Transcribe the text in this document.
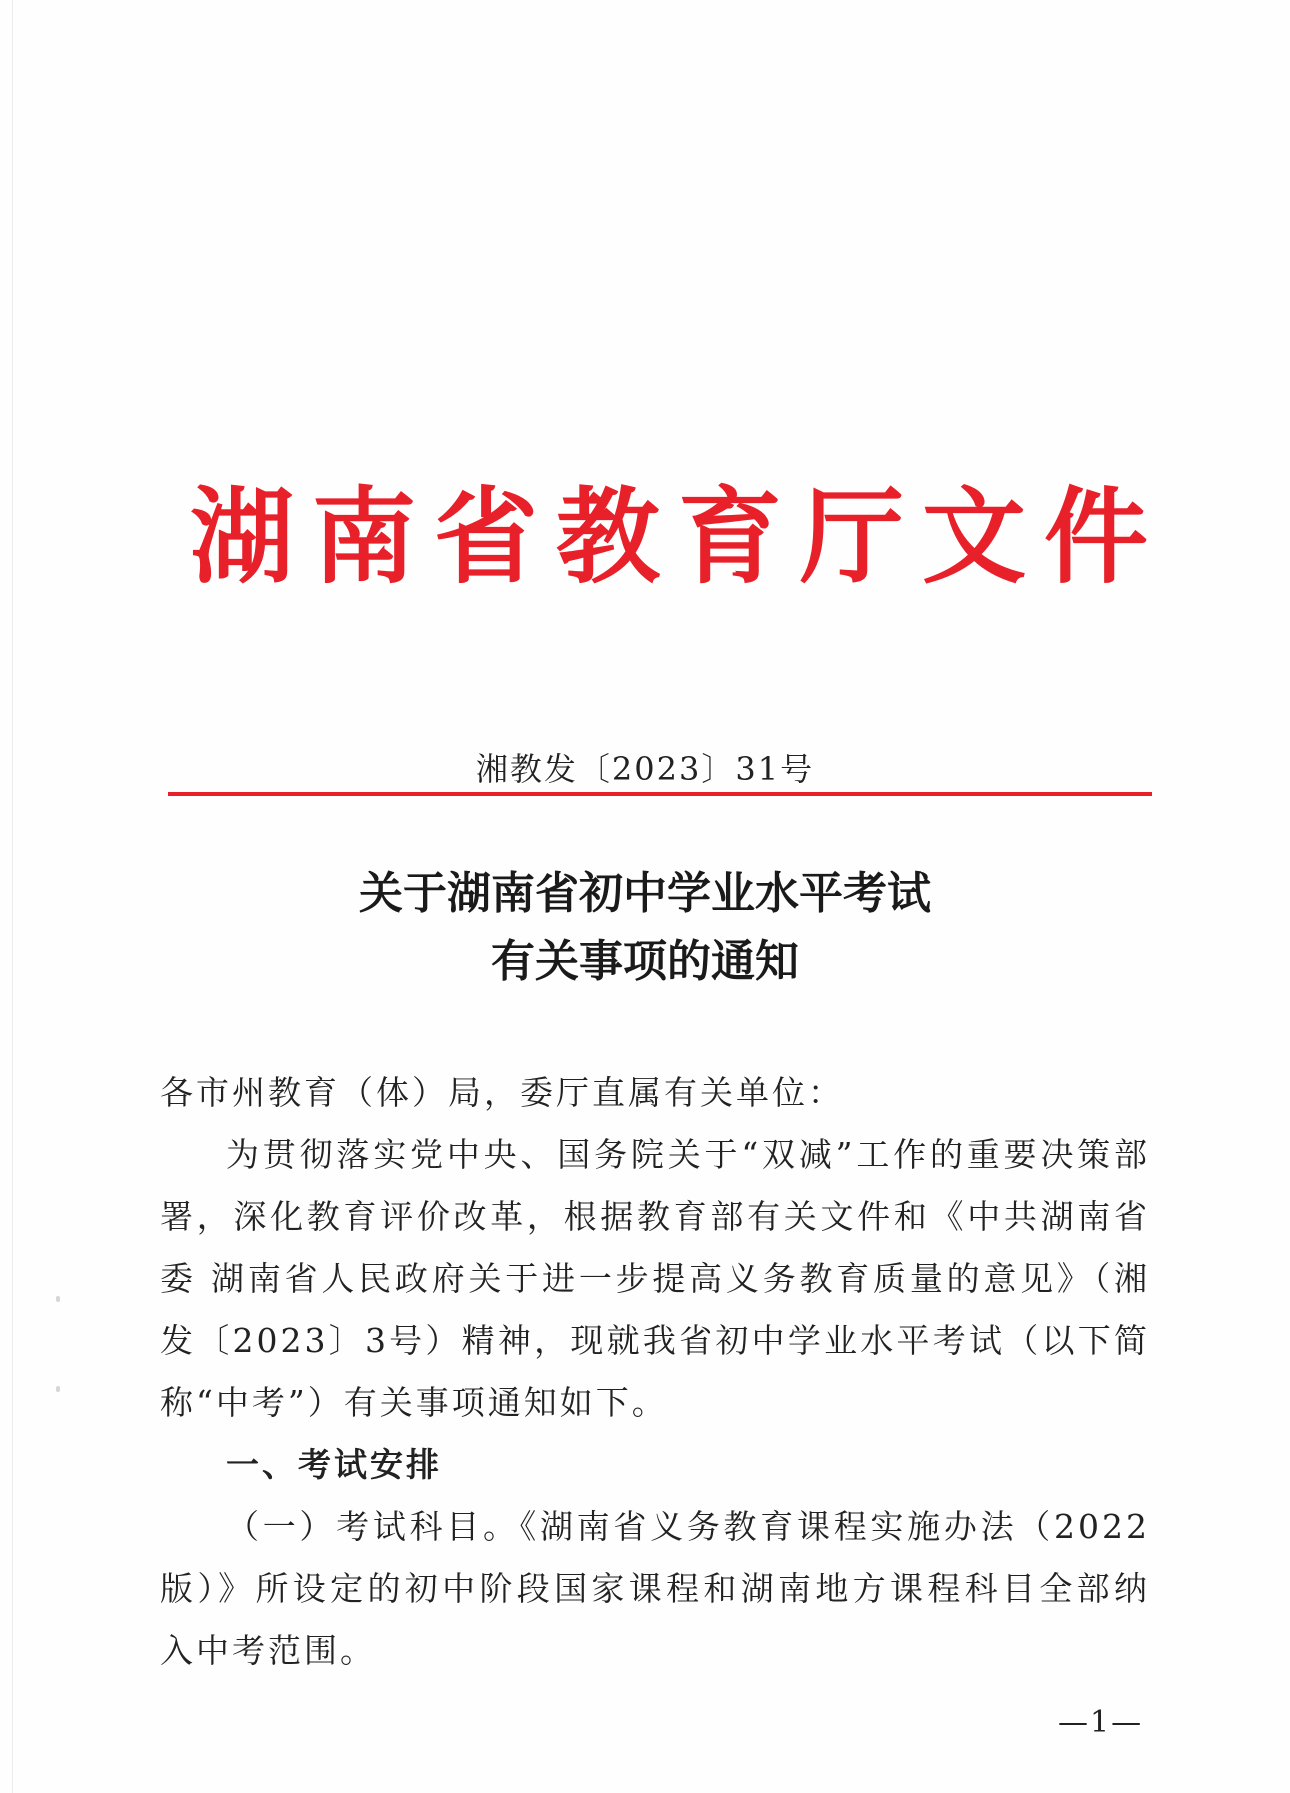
湖南省教育厅文件
湘教发〔2023〕31号
关于湖南省初中学业水平考试
有关事项的通知

各市州教育（体）局，委厅直属有关单位：

为贯彻落实党中央、国务院关于“双减”工作的重要决策部署，深化教育评价改革，根据教育部有关文件和《中共湖南省委 湖南省人民政府关于进一步提高义务教育质量的意见》（湘发〔2023〕3号）精神，现就我省初中学业水平考试（以下简称“中考”）有关事项通知如下。

一、考试安排

（一）考试科目。《湖南省义务教育课程实施办法（2022版）》所设定的初中阶段国家课程和湖南地方课程科目全部纳入中考范围。

—1—
